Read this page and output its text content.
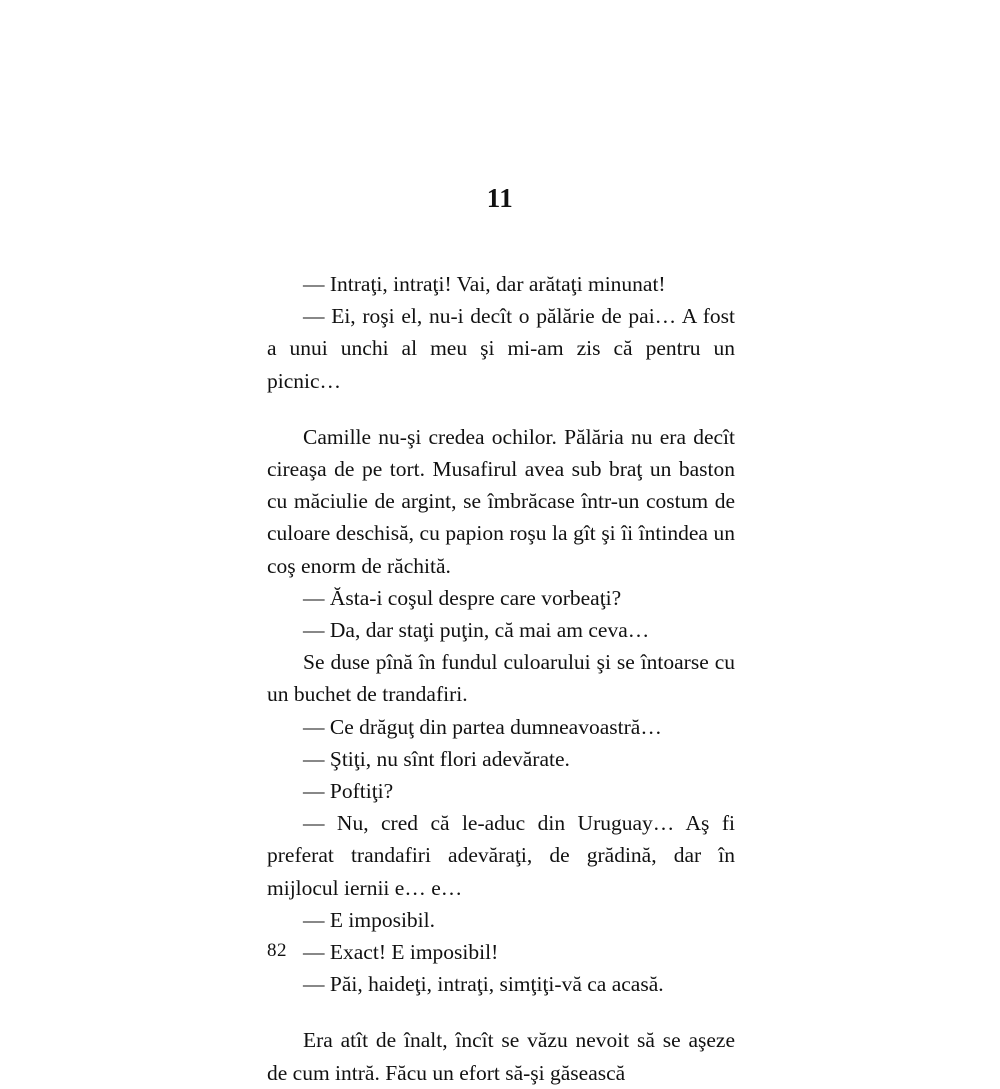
11

— Intraţi, intraţi! Vai, dar arătaţi minunat!

— Ei, roşi el, nu-i decît o pălărie de pai… A fost a unui unchi al meu şi mi-am zis că pentru un picnic…

Camille nu-şi credea ochilor. Pălăria nu era decît cireaşa de pe tort. Musafirul avea sub braţ un baston cu măciulie de argint, se îmbrăcase într-un costum de culoare deschisă, cu papion roşu la gît şi îi întindea un coş enorm de răchită.

— Ăsta-i coşul despre care vorbeaţi?

— Da, dar staţi puţin, că mai am ceva…

Se duse pînă în fundul culoarului şi se întoarse cu un buchet de trandafiri.

— Ce drăguţ din partea dumneavoastră…

— Ştiţi, nu sînt flori adevărate.

— Poftiţi?

— Nu, cred că le-aduc din Uruguay… Aş fi preferat trandafiri adevăraţi, de grădină, dar în mijlocul iernii e… e…

— E imposibil.

— Exact! E imposibil!

— Păi, haideţi, intraţi, simţiţi-vă ca acasă.

Era atît de înalt, încît se văzu nevoit să se aşeze de cum intră. Făcu un efort să-şi găsească

82
